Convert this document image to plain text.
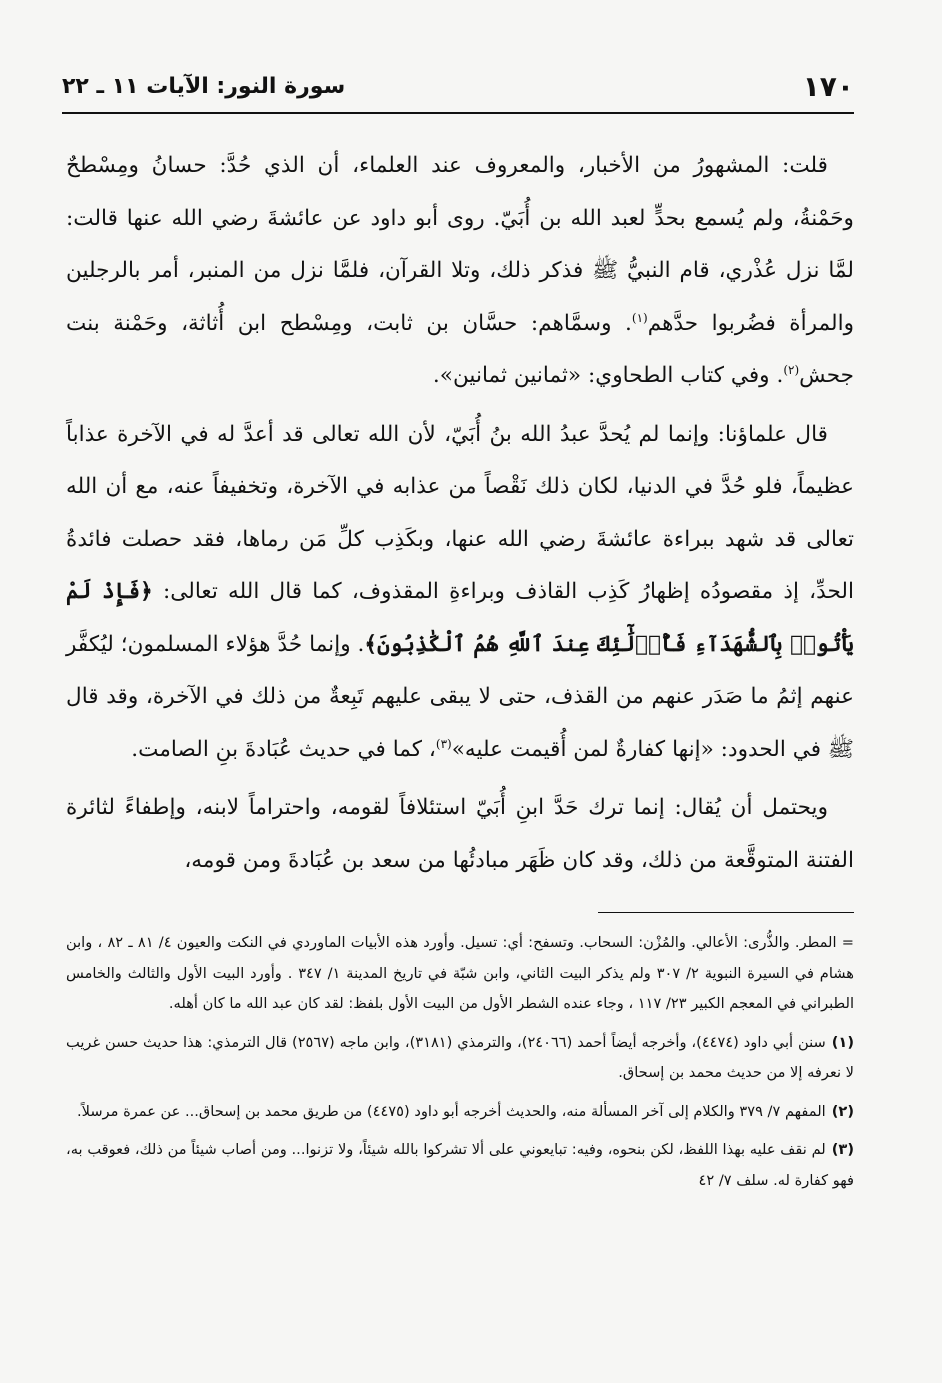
١٧٠
سورة النور: الآيات ١١ ـ ٢٢

قلت: المشهورُ من الأخبار، والمعروف عند العلماء، أن الذي حُدَّ: حسانُ ومِسْطحٌ وحَمْنةُ، ولم يُسمع بحدٍّ لعبد الله بن أُبَيّ. روى أبو داود عن عائشةَ رضي الله عنها قالت: لمَّا نزل عُذْري، قام النبيُّ ﷺ فذكر ذلك، وتلا القرآن، فلمَّا نزل من المنبر، أمر بالرجلين والمرأة فضُربوا حدَّهم$^{(١)}$. وسمَّاهم: حسَّان بن ثابت، ومِسْطح ابن أُثاثة، وحَمْنة بنت جحش$^{(٢)}$. وفي كتاب الطحاوي: «ثمانين ثمانين».

قال علماؤنا: وإنما لم يُحدَّ عبدُ الله بنُ أُبَيّ، لأن الله تعالى قد أعدَّ له في الآخرة عذاباً عظيماً، فلو حُدَّ في الدنيا، لكان ذلك نَقْصاً من عذابه في الآخرة، وتخفيفاً عنه، مع أن الله تعالى قد شهد ببراءة عائشةَ رضي الله عنها، وبكَذِب كلِّ مَن رماها، فقد حصلت فائدةُ الحدِّ، إذ مقصودُه إظهارُ كَذِب القاذف وبراءةِ المقذوف، كما قال الله تعالى: ﴿فَإِذْ لَمْ يَأْتُوا۟ بِٱلشُّهَدَآءِ فَأُو۟لَٰٓئِكَ عِندَ ٱللَّهِ هُمُ ٱلْكَٰذِبُونَ﴾. وإنما حُدَّ هؤلاء المسلمون؛ ليُكفَّر عنهم إثمُ ما صَدَر عنهم من القذف، حتى لا يبقى عليهم تَبِعةٌ من ذلك في الآخرة، وقد قال ﷺ في الحدود: «إنها كفارةٌ لمن أُقيمت عليه»$^{(٣)}$، كما في حديث عُبَادةَ بنِ الصامت.

ويحتمل أن يُقال: إنما ترك حَدَّ ابنِ أُبَيّ استئلافاً لقومه، واحتراماً لابنه، وإطفاءً لثائرة الفتنة المتوقَّعة من ذلك، وقد كان ظَهَر مبادئُها من سعد بن عُبَادةَ ومن قومه،

= المطر. والذُّرى: الأعالي. والمُزْن: السحاب. وتسفح: أي: تسيل. وأورد هذه الأبيات الماوردي في النكت والعيون ٤/ ٨١ ـ ٨٢ ، وابن هشام في السيرة النبوية ٢/ ٣٠٧ ولم يذكر البيت الثاني، وابن شبّة في تاريخ المدينة ١/ ٣٤٧ . وأورد البيت الأول والثالث والخامس الطبراني في المعجم الكبير ٢٣/ ١١٧ ، وجاء عنده الشطر الأول من البيت الأول بلفظ: لقد كان عبد الله ما كان أهله.

(١)سنن أبي داود (٤٤٧٤)، وأخرجه أيضاً أحمد (٢٤٠٦٦)، والترمذي (٣١٨١)، وابن ماجه (٢٥٦٧) قال الترمذي: هذا حديث حسن غريب لا نعرفه إلا من حديث محمد بن إسحاق.

(٢)المفهم ٧/ ٣٧٩ والكلام إلى آخر المسألة منه، والحديث أخرجه أبو داود (٤٤٧٥) من طريق محمد بن إسحاق... عن عمرة مرسلاً.

(٣)لم نقف عليه بهذا اللفظ، لكن بنحوه، وفيه: تبايعوني على ألا تشركوا بالله شيئاً، ولا تزنوا... ومن أصاب شيئاً من ذلك، فعوقب به، فهو كفارة له. سلف ٧/ ٤٢
